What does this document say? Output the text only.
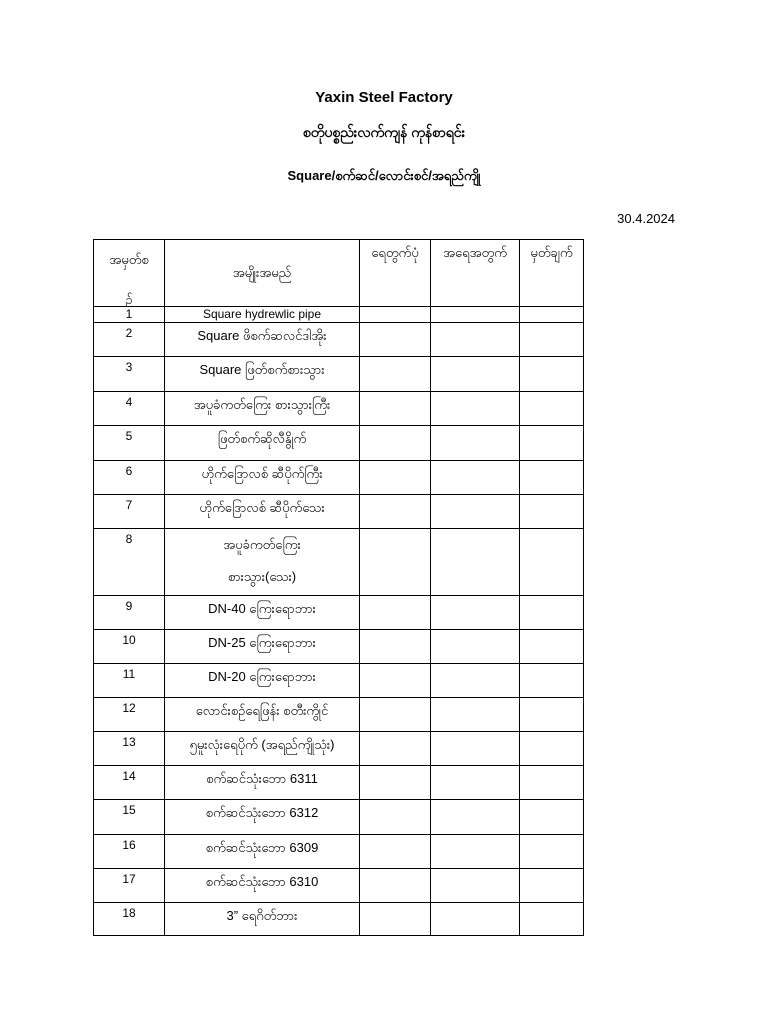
Yaxin Steel Factory
စတိုပစ္စည်းလက်ကျန် ကုန်စာရင်း
Square/စက်ဆင်/လောင်းစင်/အရည်ကျို
30.4.2024
အမှတ်စ
ဉ်
အမျိုးအမည်
ရေတွက်ပုံ	အရေအတွက်	မှတ်ချက်
1	Square hydrewlic pipe
2	Square ဖိစက်ဆလင်ဒါအိုး
3	Square ဖြတ်စက်စားသွား
4	အပူခံကတ်ကြေး စားသွားကြီး
5	ဖြတ်စက်ဆိုလီနွိုက်
6	ဟိုက်ဒြောလစ် ဆီပိုက်ကြီး
7	ဟိုက်ဒြောလစ် ဆီပိုက်သေး
8	အပူခံကတ်ကြေး
စားသွား(သေး)
9	DN-40 ကြေးရောဘား
10	DN-25 ကြေးရောဘား
11	DN-20 ကြေးရောဘား
12	လောင်းစဥ်ရေဖြန်း စတီးကွိုင်
13	၅မူးလုံးရေပိုက် (အရည်ကျိုသုံး)
14	စက်ဆင်သုံးဘော 6311
15	စက်ဆင်သုံးဘော 6312
16	စက်ဆင်သုံးဘော 6309
17	စက်ဆင်သုံးဘော 6310
18	3” ရေဂိတ်ဘား
